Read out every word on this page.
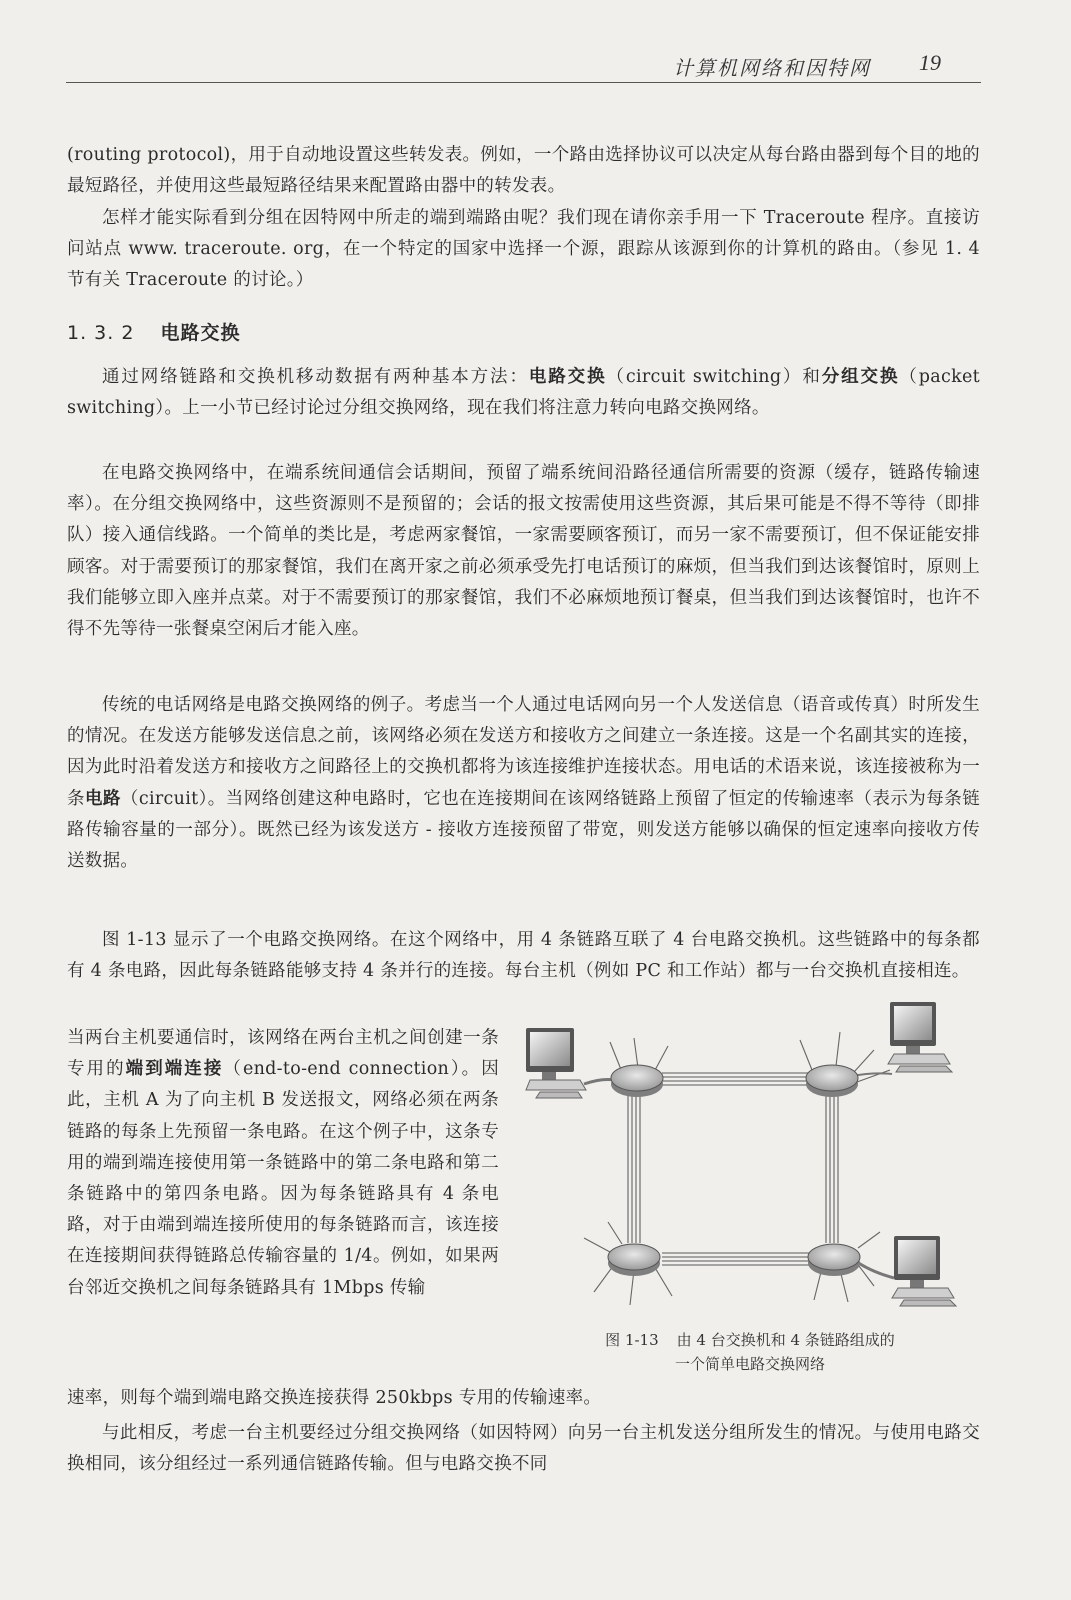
计算机网络和因特网 19

(routing protocol)，用于自动地设置这些转发表。例如，一个路由选择协议可以决定从每台路由器到每个目的地的最短路径，并使用这些最短路径结果来配置路由器中的转发表。

怎样才能实际看到分组在因特网中所走的端到端路由呢？我们现在请你亲手用一下 Traceroute 程序。直接访问站点 www. traceroute. org，在一个特定的国家中选择一个源，跟踪从该源到你的计算机的路由。（参见 1. 4 节有关 Traceroute 的讨论。）

1. 3. 2 电路交换

通过网络链路和交换机移动数据有两种基本方法：电路交换（circuit switching）和分组交换（packet switching）。上一小节已经讨论过分组交换网络，现在我们将注意力转向电路交换网络。

在电路交换网络中，在端系统间通信会话期间，预留了端系统间沿路径通信所需要的资源（缓存，链路传输速率）。在分组交换网络中，这些资源则不是预留的；会话的报文按需使用这些资源，其后果可能是不得不等待（即排队）接入通信线路。一个简单的类比是，考虑两家餐馆，一家需要顾客预订，而另一家不需要预订，但不保证能安排顾客。对于需要预订的那家餐馆，我们在离开家之前必须承受先打电话预订的麻烦，但当我们到达该餐馆时，原则上我们能够立即入座并点菜。对于不需要预订的那家餐馆，我们不必麻烦地预订餐桌，但当我们到达该餐馆时，也许不得不先等待一张餐桌空闲后才能入座。

传统的电话网络是电路交换网络的例子。考虑当一个人通过电话网向另一个人发送信息（语音或传真）时所发生的情况。在发送方能够发送信息之前，该网络必须在发送方和接收方之间建立一条连接。这是一个名副其实的连接，因为此时沿着发送方和接收方之间路径上的交换机都将为该连接维护连接状态。用电话的术语来说，该连接被称为一条电路（circuit）。当网络创建这种电路时，它也在连接期间在该网络链路上预留了恒定的传输速率（表示为每条链路传输容量的一部分）。既然已经为该发送方 - 接收方连接预留了带宽，则发送方能够以确保的恒定速率向接收方传送数据。

图 1-13 显示了一个电路交换网络。在这个网络中，用 4 条链路互联了 4 台电路交换机。这些链路中的每条都有 4 条电路，因此每条链路能够支持 4 条并行的连接。每台主机（例如 PC 和工作站）都与一台交换机直接相连。

当两台主机要通信时，该网络在两台主机之间创建一条专用的端到端连接（end-to-end connection）。因此，主机 A 为了向主机 B 发送报文，网络必须在两条链路的每条上先预留一条电路。在这个例子中，这条专用的端到端连接使用第一条链路中的第二条电路和第二条链路中的第四条电路。因为每条链路具有 4 条电路，对于由端到端连接所使用的每条链路而言，该连接在连接期间获得链路总传输容量的 1/4。例如，如果两台邻近交换机之间每条链路具有 1Mbps 传输

速率，则每个端到端电路交换连接获得 250kbps 专用的传输速率。

与此相反，考虑一台主机要经过分组交换网络（如因特网）向另一台主机发送分组所发生的情况。与使用电路交换相同，该分组经过一系列通信链路传输。但与电路交换不同

图 1-13 由 4 台交换机和 4 条链路组成的
一个简单电路交换网络
